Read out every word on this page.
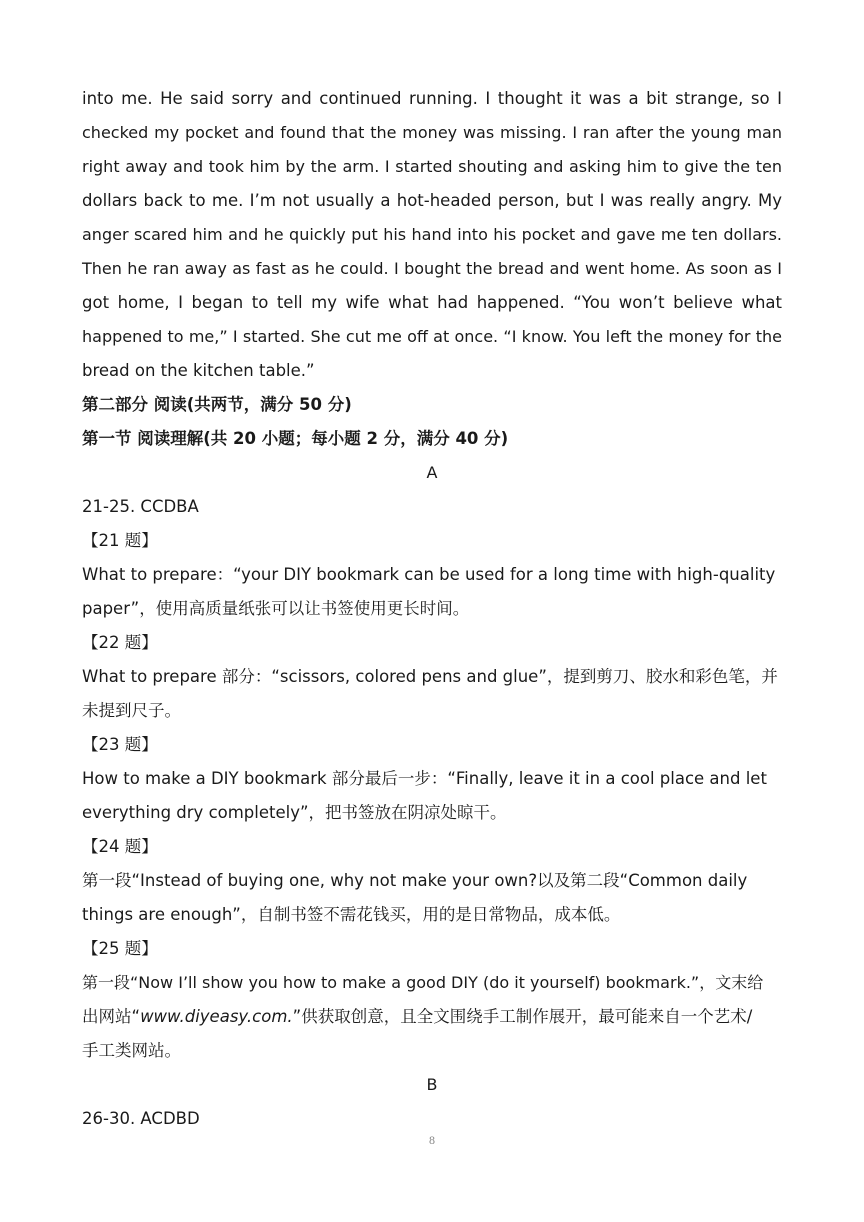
into me. He said sorry and continued running. I thought it was a bit strange, so I
checked my pocket and found that the money was missing. I ran after the young man
right away and took him by the arm. I started shouting and asking him to give the ten
dollars back to me. I’m not usually a hot-headed person, but I was really angry. My
anger scared him and he quickly put his hand into his pocket and gave me ten dollars.
Then he ran away as fast as he could. I bought the bread and went home. As soon as I
got home, I began to tell my wife what had happened. “You won’t believe what
happened to me,” I started. She cut me off at once. “I know. You left the money for the
bread on the kitchen table.”
第二部分 阅读(共两节，满分 50 分)
第一节 阅读理解(共 20 小题；每小题 2 分，满分 40 分)
A
21-25. CCDBA
【21 题】
What to prepare：“your DIY bookmark can be used for a long time with high-quality
paper”，使用高质量纸张可以让书签使用更长时间。
【22 题】
What to prepare 部分：“scissors, colored pens and glue”，提到剪刀、胶水和彩色笔，并
未提到尺子。
【23 题】
How to make a DIY bookmark 部分最后一步：“Finally, leave it in a cool place and let
everything dry completely”，把书签放在阴凉处晾干。
【24 题】
第一段“Instead of buying one, why not make your own?以及第二段“Common daily
things are enough”，自制书签不需花钱买，用的是日常物品，成本低。
【25 题】
第一段“Now I’ll show you how to make a good DIY (do it yourself) bookmark.”，文末给
出网站“www.diyeasy.com.”供获取创意，且全文围绕手工制作展开，最可能来自一个艺术/
手工类网站。
B
26-30. ACDBD
8
